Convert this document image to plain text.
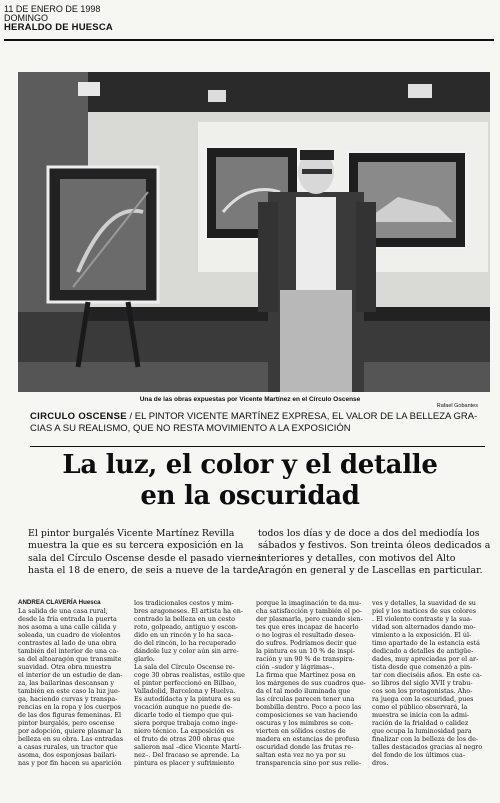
11 DE ENERO DE 1998
DOMINGO
HERALDO DE HUESCA
Una de las obras expuestas por Vicente Martínez en el Círculo Oscense
Rafael Gobantes
CIRCULO OSCENSE / EL PINTOR VICENTE MARTÍNEZ EXPRESA, EL VALOR DE LA BELLEZA GRA-
CIAS A SU REALISMO, QUE NO RESTA MOVIMIENTO A LA EXPOSICIÓN
La luz, el color y el detalle
en la oscuridad
El pintor burgalés Vicente Martínez Revilla
muestra la que es su tercera exposición en la
sala del Círculo Oscense desde el pasado viernes
hasta el 18 de enero, de seis a nueve de la tarde,
todos los días y de doce a dos del mediodía los
sábados y festivos. Son treinta óleos dedicados a
interiores y detalles, con motivos del Alto
Aragón en general y de Lascellas en particular.
ANDREA CLAVERÍA Huesca
La salida de una casa rural,
desde la fría entrada la puerta
nos asoma a una calle cálida y
soleada, un cuadro de violentos
contrastes al lado de una obra
también del interior de una ca-
sa del altoaragón que transmite
suavidad. Otra obra muestra
el interior de un estudio de dan-
za, las bailarinas descansan y
también en este caso la luz jue-
ga, haciendo curvas y transpa-
rencias en la ropa y los cuerpos
de las dos figuras femeninas. El
pintor burgalés, pero oscense
por adopción, quiere plasmar la
belleza en su obra. Las entradas
a casas rurales, un tractor que
asoma, dos esponjosas bailari-
nas y por fin hacen su aparición
los tradicionales cestos y mim-
bres aragoneses. El artista ha en-
contrado la belleza en un cesto
roto, golpeado, antiguo y escon-
dido en un rincón y lo ha saca-
do del rincón, lo ha recuperado
dándole luz y color aún sin arre-
glarlo.
La sala del Círculo Oscense re-
coge 30 obras realistas, estilo que
el pintor perfeccionó en Bilbao,
Valladolid, Barcelona y Huelva.
Es autodidacta y la pintura es su
vocación aunque no puede de-
dicarle todo el tiempo que qui-
siera porque trabaja como inge-
niero técnico. La exposición es
el fruto de otras 200 obras que
salieron mal –dice Vicente Martí-
nez–. Del fracaso se aprende. La
pintura es placer y sufrimiento
porque la imaginación te da mu-
cha satisfacción y también el po-
der plasmarla, pero cuando sien-
tes que eres incapaz de hacerlo
o no logras el resultado desea-
do sufres. Podríamos decir que
la pintura es un 10 % de inspi-
ración y un 90 % de transpira-
ción –sudor y lágrimas–.
La firma que Martínez posa en
los márgenes de sus cuadros que-
da el tal modo iluminada que
las círculas parecen tener una
bombilla dentro. Poco a poco las
composiciones se van haciendo
oscuras y los mimbres se con-
vierten en sólidos cestos de
madera en estancias de profusa
oscuridad donde las frutas re-
saltan esta vez no ya por su
transparencia sino por sus relie-
ves y detalles, la suavidad de su
piel y los matices de sus colores
. El violento contraste y la sua-
vidad son alternados dando mo-
vimiento a la exposición. El úl-
timo apartado de la estancia está
dedicado a detalles de antigüe-
dades, muy apreciadas por el ar-
tista desde que comenzó a pin-
tar con dieciséis años. En este ca-
so libros del siglo XVII y trabu-
cos son los protagonistas. Aho-
ra juega con la oscuridad, pues
como el público observará, la
muestra se inicia con la admi-
ración de la frialdad o calidez
que ocupa la luminosidad para
finalizar con la belleza de los de-
talles destacados gracias al negro
del fondo de los últimos cua-
dros.
